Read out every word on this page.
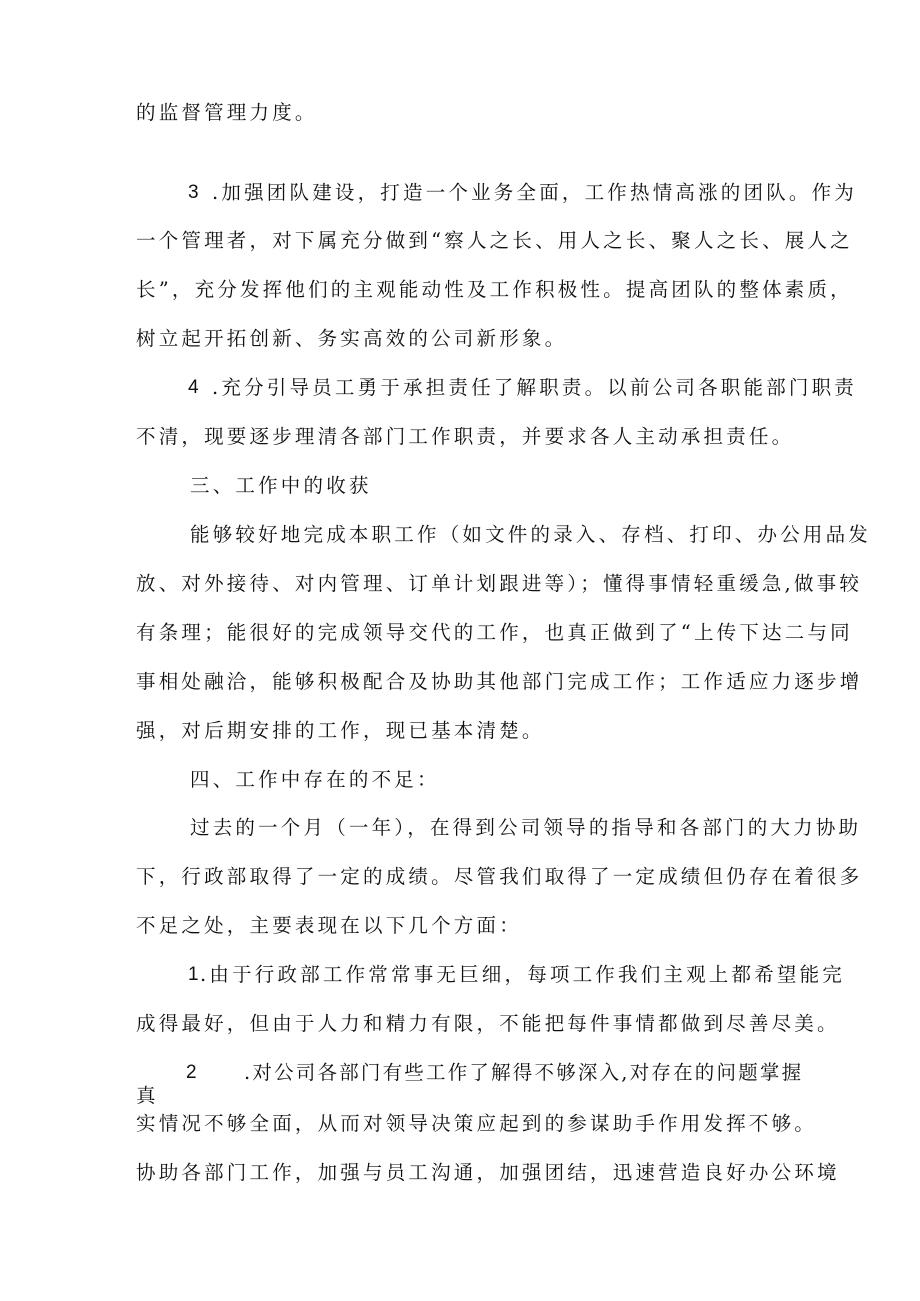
的监督管理力度。
3 .加强团队建设，打造一个业务全面，工作热情高涨的团队。作为
一个管理者，对下属充分做到“察人之长、用人之长、聚人之长、展人之
长”，充分发挥他们的主观能动性及工作积极性。提高团队的整体素质，
树立起开拓创新、务实高效的公司新形象。
4 .充分引导员工勇于承担责任了解职责。以前公司各职能部门职责
不清，现要逐步理清各部门工作职责，并要求各人主动承担责任。
三、工作中的收获
能够较好地完成本职工作（如文件的录入、存档、打印、办公用品发
放、对外接待、对内管理、订单计划跟进等）；懂得事情轻重缓急,做事较
有条理；能很好的完成领导交代的工作，也真正做到了“上传下达二与同
事相处融洽，能够积极配合及协助其他部门完成工作；工作适应力逐步增
强，对后期安排的工作，现已基本清楚。
四、工作中存在的不足：
过去的一个月（一年），在得到公司领导的指导和各部门的大力协助
下，行政部取得了一定的成绩。尽管我们取得了一定成绩但仍存在着很多
不足之处，主要表现在以下几个方面：
1 .由于行政部工作常常事无巨细，每项工作我们主观上都希望能完
成得最好，但由于人力和精力有限，不能把每件事情都做到尽善尽美。
2 .对公司各部门有些工作了解得不够深入,对存在的问题掌握
真
实情况不够全面，从而对领导决策应起到的参谋助手作用发挥不够。
协助各部门工作，加强与员工沟通，加强团结，迅速营造良好办公环境
